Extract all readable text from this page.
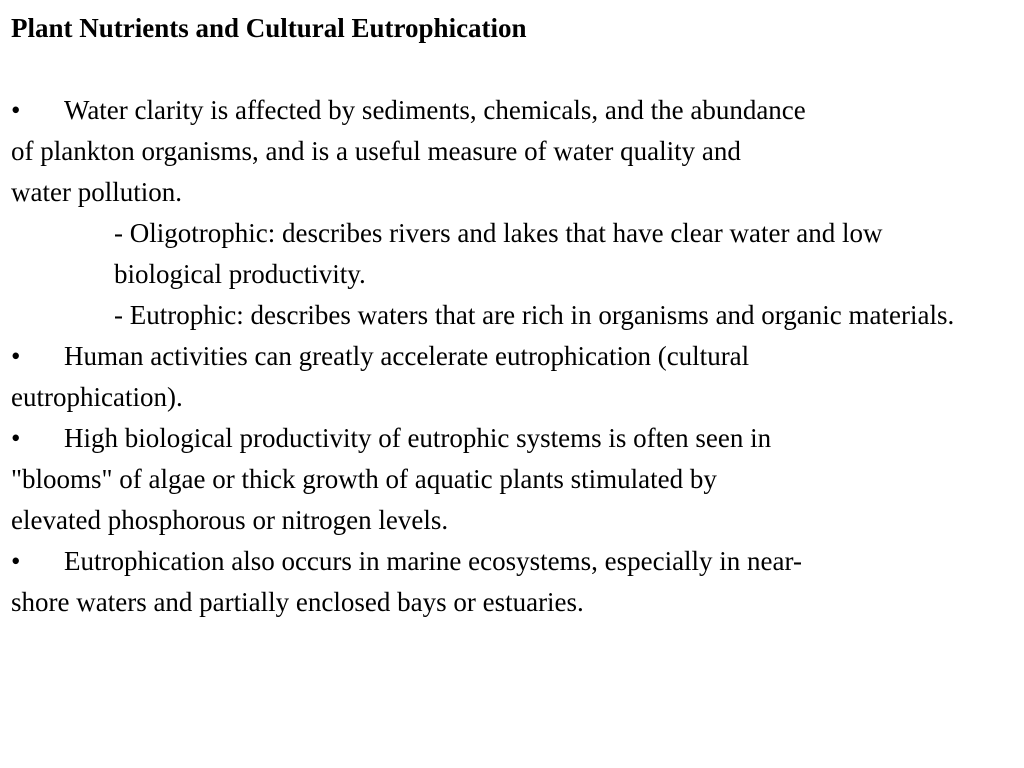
Plant Nutrients and Cultural Eutrophication
• Water clarity is affected by sediments, chemicals, and the abundance
of plankton organisms, and is a useful measure of water quality and
water pollution.
- Oligotrophic: describes rivers and lakes that have clear water and low biological productivity.
- Eutrophic: describes waters that are rich in organisms and organic materials.
• Human activities can greatly accelerate eutrophication (cultural
eutrophication).
• High biological productivity of eutrophic systems is often seen in
"blooms" of algae or thick growth of aquatic plants stimulated by
elevated phosphorous or nitrogen levels.
• Eutrophication also occurs in marine ecosystems, especially in near-
shore waters and partially enclosed bays or estuaries.
